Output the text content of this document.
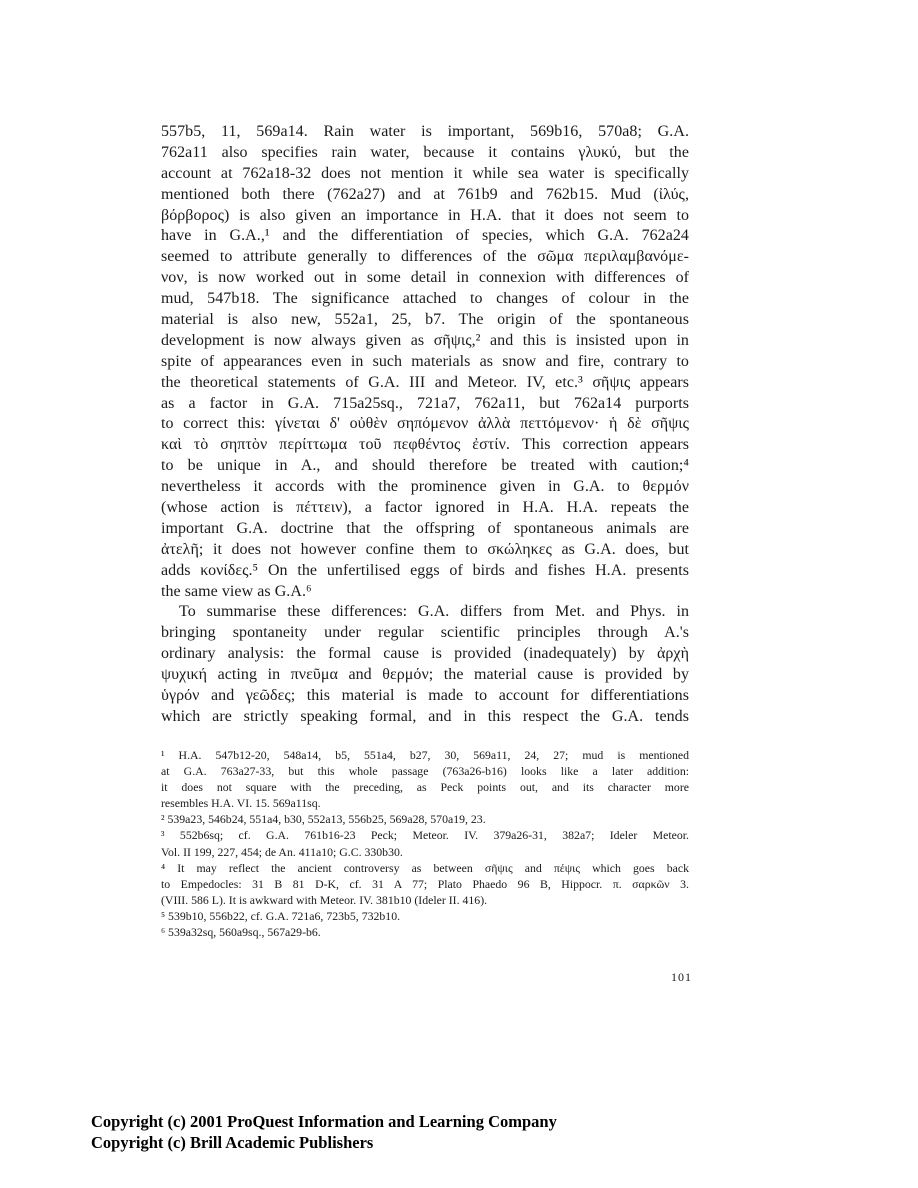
557b5, 11, 569a14. Rain water is important, 569b16, 570a8; G.A.
762a11 also specifies rain water, because it contains γλυκύ, but the
account at 762a18-32 does not mention it while sea water is specifically
mentioned both there (762a27) and at 761b9 and 762b15. Mud (ἰλύς,
βόρβορος) is also given an importance in H.A. that it does not seem to
have in G.A.,¹ and the differentiation of species, which G.A. 762a24
seemed to attribute generally to differences of the σῶμα περιλαμβανόμε-
νον, is now worked out in some detail in connexion with differences of
mud, 547b18. The significance attached to changes of colour in the
material is also new, 552a1, 25, b7. The origin of the spontaneous
development is now always given as σῆψις,² and this is insisted upon in
spite of appearances even in such materials as snow and fire, contrary to
the theoretical statements of G.A. III and Meteor. IV, etc.³ σῆψις appears
as a factor in G.A. 715a25sq., 721a7, 762a11, but 762a14 purports
to correct this: γίνεται δ' οὐθὲν σηπόμενον ἀλλὰ πεττόμενον· ἡ δὲ σῆψις
καὶ τὸ σηπτὸν περίττωμα τοῦ πεφθέντος ἐστίν. This correction appears
to be unique in A., and should therefore be treated with caution;⁴
nevertheless it accords with the prominence given in G.A. to θερμόν
(whose action is πέττειν), a factor ignored in H.A. H.A. repeats the
important G.A. doctrine that the offspring of spontaneous animals are
ἀτελῆ; it does not however confine them to σκώληκες as G.A. does, but
adds κονίδες.⁵ On the unfertilised eggs of birds and fishes H.A. presents
the same view as G.A.⁶
To summarise these differences: G.A. differs from Met. and Phys. in
bringing spontaneity under regular scientific principles through A.'s
ordinary analysis: the formal cause is provided (inadequately) by ἀρχὴ
ψυχική acting in πνεῦμα and θερμόν; the material cause is provided by
ὑγρόν and γεῶδες; this material is made to account for differentiations
which are strictly speaking formal, and in this respect the G.A. tends
¹ H.A. 547b12-20, 548a14, b5, 551a4, b27, 30, 569a11, 24, 27; mud is mentioned
at G.A. 763a27-33, but this whole passage (763a26-b16) looks like a later addition:
it does not square with the preceding, as Peck points out, and its character more
resembles H.A. VI. 15. 569a11sq.
² 539a23, 546b24, 551a4, b30, 552a13, 556b25, 569a28, 570a19, 23.
³ 552b6sq; cf. G.A. 761b16-23 Peck; Meteor. IV. 379a26-31, 382a7; Ideler Meteor.
Vol. II 199, 227, 454; de An. 411a10; G.C. 330b30.
⁴ It may reflect the ancient controversy as between σῆψις and πέψις which goes back
to Empedocles: 31 B 81 D-K, cf. 31 A 77; Plato Phaedo 96 B, Hippocr. π. σαρκῶν 3.
(VIII. 586 L). It is awkward with Meteor. IV. 381b10 (Ideler II. 416).
⁵ 539b10, 556b22, cf. G.A. 721a6, 723b5, 732b10.
⁶ 539a32sq, 560a9sq., 567a29-b6.
101
Copyright (c) 2001 ProQuest Information and Learning Company
Copyright (c) Brill Academic Publishers
